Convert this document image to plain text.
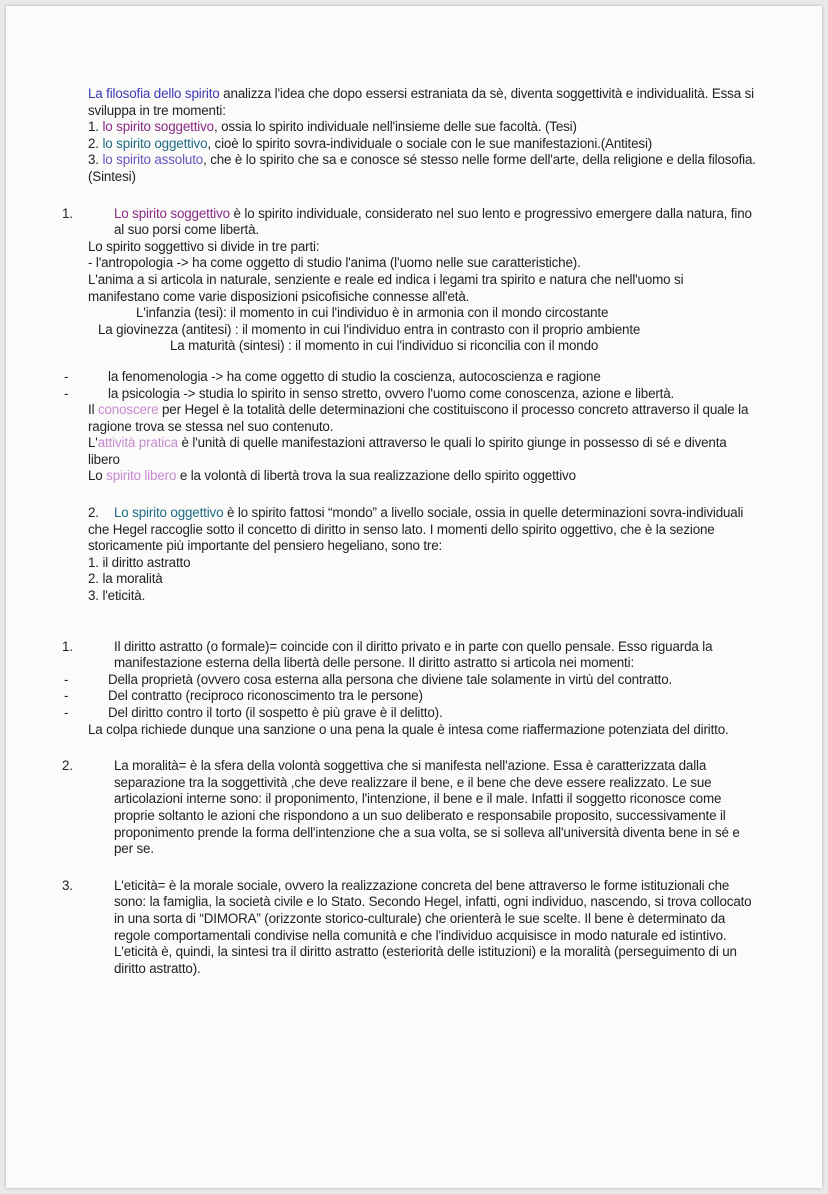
La filosofia dello spirito analizza l'idea che dopo essersi estraniata da sè, diventa soggettività e individualità. Essa si sviluppa in tre momenti:

1. lo spirito soggettivo, ossia lo spirito individuale nell'insieme delle sue facoltà. (Tesi)

2. lo spirito oggettivo, cioè lo spirito sovra-individuale o sociale con le sue manifestazioni.(Antitesi)

3. lo spirito assoluto, che è lo spirito che sa e conosce sé stesso nelle forme dell'arte, della religione e della filosofia. (Sintesi)

1.	Lo spirito soggettivo è lo spirito individuale, considerato nel suo lento e progressivo emergere dalla natura, fino al suo porsi come libertà.

Lo spirito soggettivo si divide in tre parti:

- l'antropologia -> ha come oggetto di studio l'anima (l'uomo nelle sue caratteristiche).

L'anima a si articola in naturale, senziente e reale ed indica i legami tra spirito e natura che nell'uomo si manifestano come varie disposizioni psicofisiche connesse all'età.

L'infanzia (tesi): il momento in cui l'individuo è in armonia con il mondo circostante

La giovinezza (antitesi) : il momento in cui l'individuo entra in contrasto con il proprio ambiente

La maturità (sintesi) : il momento in cui l'individuo si riconcilia con il mondo

-	la fenomenologia -> ha come oggetto di studio la coscienza, autocoscienza e ragione

-	la psicologia -> studia lo spirito in senso stretto, ovvero l'uomo come conoscenza, azione e libertà.

Il conoscere per Hegel è la totalità delle determinazioni che costituiscono il processo concreto attraverso il quale la ragione trova se stessa nel suo contenuto.

L'attività pratica è l'unità di quelle manifestazioni attraverso le quali lo spirito giunge in possesso di sé e diventa libero

Lo spirito libero e la volontà di libertà trova la sua realizzazione dello spirito oggettivo

2. Lo spirito oggettivo è lo spirito fattosi “mondo” a livello sociale, ossia in quelle determinazioni sovra-individuali che Hegel raccoglie sotto il concetto di diritto in senso lato. I momenti dello spirito oggettivo, che è la sezione storicamente più importante del pensiero hegeliano, sono tre:

1. il diritto astratto

2. la moralità

3. l'eticità.

1.	Il diritto astratto (o formale)= coincide con il diritto privato e in parte con quello pensale. Esso riguarda la manifestazione esterna della libertà delle persone. Il diritto astratto si articola nei momenti:

-	Della proprietà (ovvero cosa esterna alla persona che diviene tale solamente in virtù del contratto.

-	Del contratto (reciproco riconoscimento tra le persone)

-	Del diritto contro il torto (il sospetto è più grave è il delitto).

La colpa richiede dunque una sanzione o una pena la quale è intesa come riaffermazione potenziata del diritto.

2.	La moralità= è la sfera della volontà soggettiva che si manifesta nell'azione. Essa è caratterizzata dalla separazione tra la soggettività ,che deve realizzare il bene, e il bene che deve essere realizzato. Le sue articolazioni interne sono: il proponimento, l'intenzione, il bene e il male. Infatti il soggetto riconosce come proprie soltanto le azioni che rispondono a un suo deliberato e responsabile proposito, successivamente il proponimento prende la forma dell'intenzione che a sua volta, se si solleva all'università diventa bene in sé e per se.

3.	L'eticità= è la morale sociale, ovvero la realizzazione concreta del bene attraverso le forme istituzionali che sono: la famiglia, la società civile e lo Stato. Secondo Hegel, infatti, ogni individuo, nascendo, si trova collocato in una sorta di “DIMORA” (orizzonte storico-culturale) che orienterà le sue scelte. Il bene è determinato da regole comportamentali condivise nella comunità e che l'individuo acquisisce in modo naturale ed istintivo. L'eticità è, quindi, la sintesi tra il diritto astratto (esteriorità delle istituzioni) e la moralità (perseguimento di un diritto astratto).
